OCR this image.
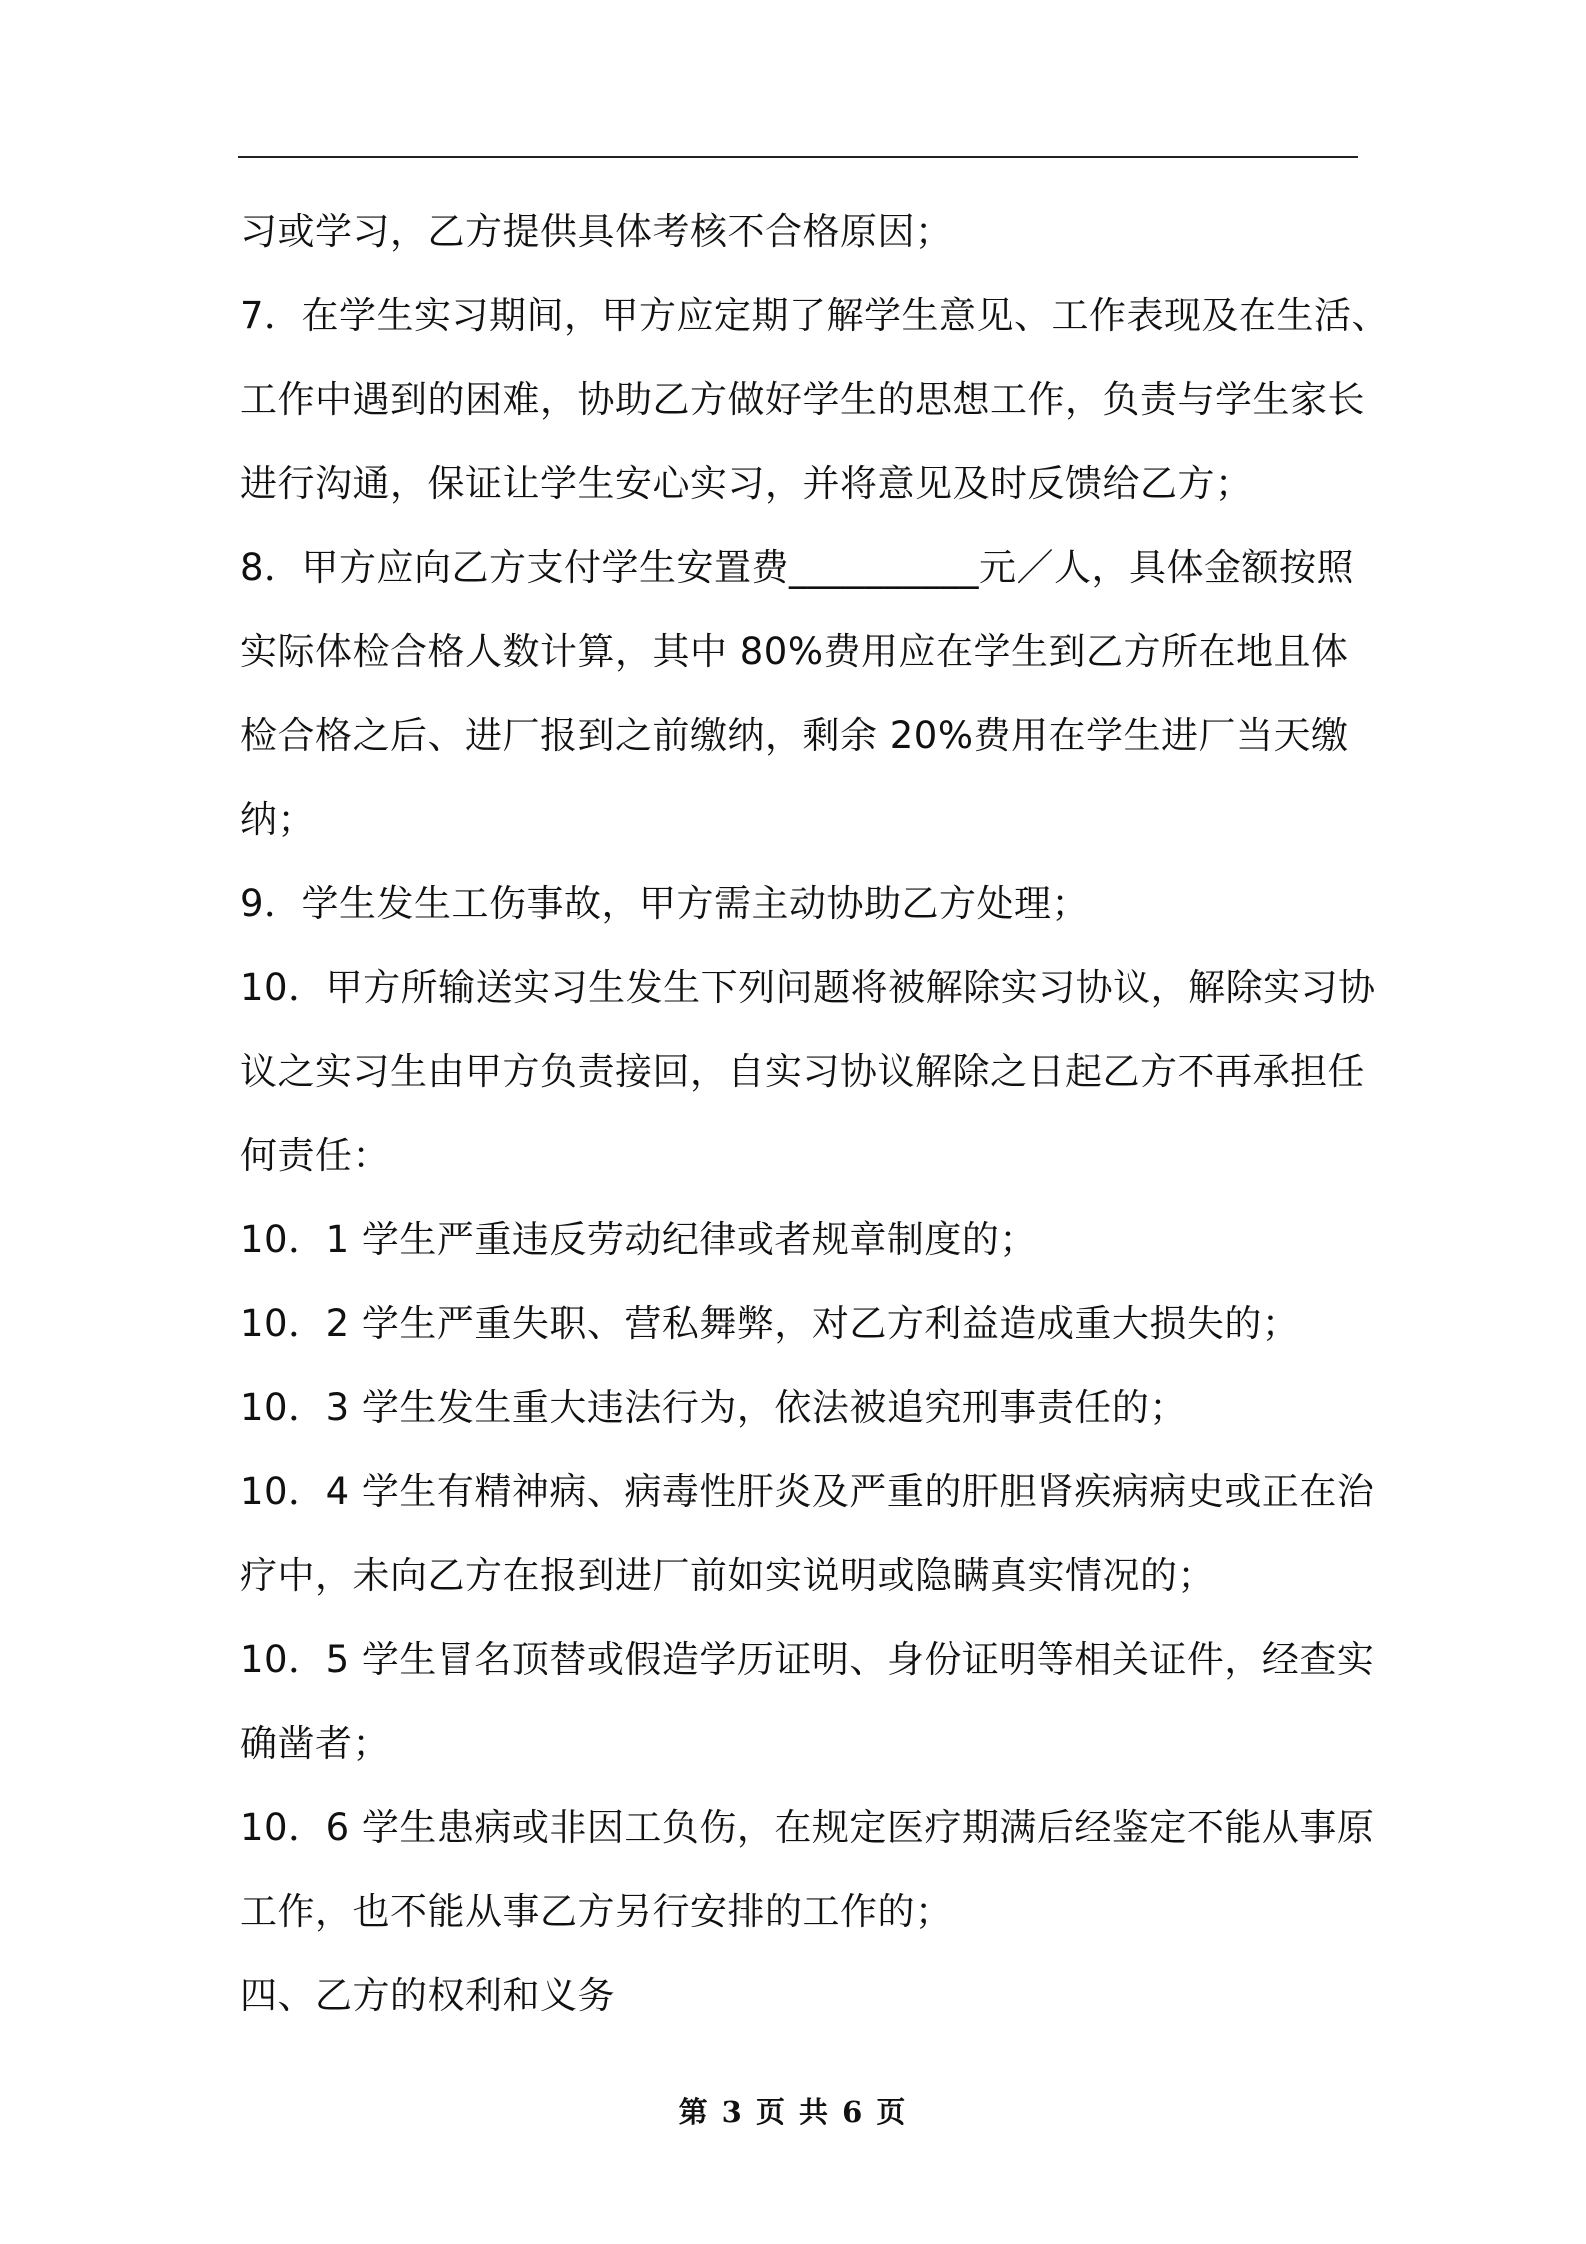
习或学习，乙方提供具体考核不合格原因；
7．在学生实习期间，甲方应定期了解学生意见、工作表现及在生活、
工作中遇到的困难，协助乙方做好学生的思想工作，负责与学生家长
进行沟通，保证让学生安心实习，并将意见及时反馈给乙方；
8．甲方应向乙方支付学生安置费__________元／人，具体金额按照
实际体检合格人数计算，其中 80%费用应在学生到乙方所在地且体
检合格之后、进厂报到之前缴纳，剩余 20%费用在学生进厂当天缴
纳；
9．学生发生工伤事故，甲方需主动协助乙方处理；
10．甲方所输送实习生发生下列问题将被解除实习协议，解除实习协
议之实习生由甲方负责接回，自实习协议解除之日起乙方不再承担任
何责任：
10．1 学生严重违反劳动纪律或者规章制度的；
10．2 学生严重失职、营私舞弊，对乙方利益造成重大损失的；
10．3 学生发生重大违法行为，依法被追究刑事责任的；
10．4 学生有精神病、病毒性肝炎及严重的肝胆肾疾病病史或正在治
疗中，未向乙方在报到进厂前如实说明或隐瞒真实情况的；
10．5 学生冒名顶替或假造学历证明、身份证明等相关证件，经查实
确凿者；
10．6 学生患病或非因工负伤，在规定医疗期满后经鉴定不能从事原
工作，也不能从事乙方另行安排的工作的；
四、乙方的权利和义务
第 3 页 共 6 页
